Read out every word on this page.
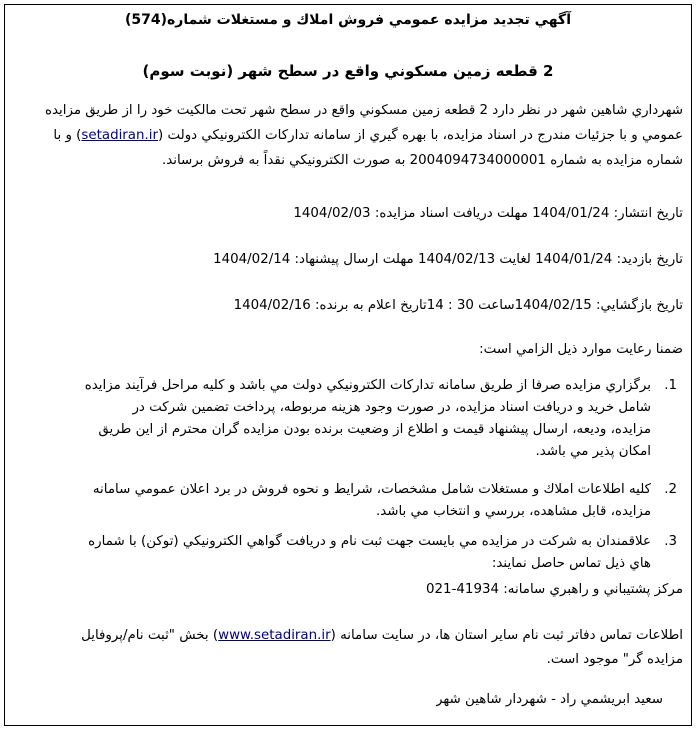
آگهي تجديد مزايده عمومي فروش املاك و مستغلات شماره(574)
2 قطعه زمين مسكوني واقع در سطح شهر (نوبت سوم)
شهرداري شاهين شهر در نظر دارد 2 قطعه زمين مسكوني واقع در سطح شهر تحت مالكيت خود را از طريق مزايده
عمومي و با جزئيات مندرج در اسناد مزايده، با بهره گيري از سامانه تداركات الكترونيكي دولت (setadiran.ir) و با
شماره مزايده به شماره 2004094734000001 به صورت الكترونيكي نقداً به فروش برساند.
تاريخ انتشار: 1404/01/24 مهلت دريافت اسناد مزايده: 1404/02/03
تاريخ بازديد: 1404/01/24 لغايت 1404/02/13 مهلت ارسال پيشنهاد: 1404/02/14
تاريخ بازگشايي: 1404/02/15ساعت 30 : 14تاريخ اعلام به برنده: 1404/02/16
ضمنا رعايت موارد ذيل الزامي است:
1.
برگزاري مزايده صرفا از طريق سامانه تداركات الكترونيكي دولت مي باشد و كليه مراحل فرآيند مزايده
شامل خريد و دريافت اسناد مزايده، در صورت وجود هزينه مربوطه، پرداخت تضمين شركت در
مزايده، وديعه، ارسال پيشنهاد قيمت و اطلاع از وضعيت برنده بودن مزايده گران محترم از اين طريق
امكان پذير مي باشد.
2.
كليه اطلاعات املاك و مستغلات شامل مشخصات، شرايط و نحوه فروش در برد اعلان عمومي سامانه
مزايده، قابل مشاهده، بررسي و انتخاب مي باشد.
3.
علاقمندان به شركت در مزايده مي بايست جهت ثبت نام و دريافت گواهي الكترونيكي (توكن) با شماره
هاي ذيل تماس حاصل نمايند:
مركز پشتيباني و راهبري سامانه: 021-41934
اطلاعات تماس دفاتر ثبت نام ساير استان ها، در سايت سامانه (www.setadiran.ir) بخش "ثبت نام/پروفايل
مزايده گر" موجود است.
سعيد ابريشمي راد - شهردار شاهين شهر
